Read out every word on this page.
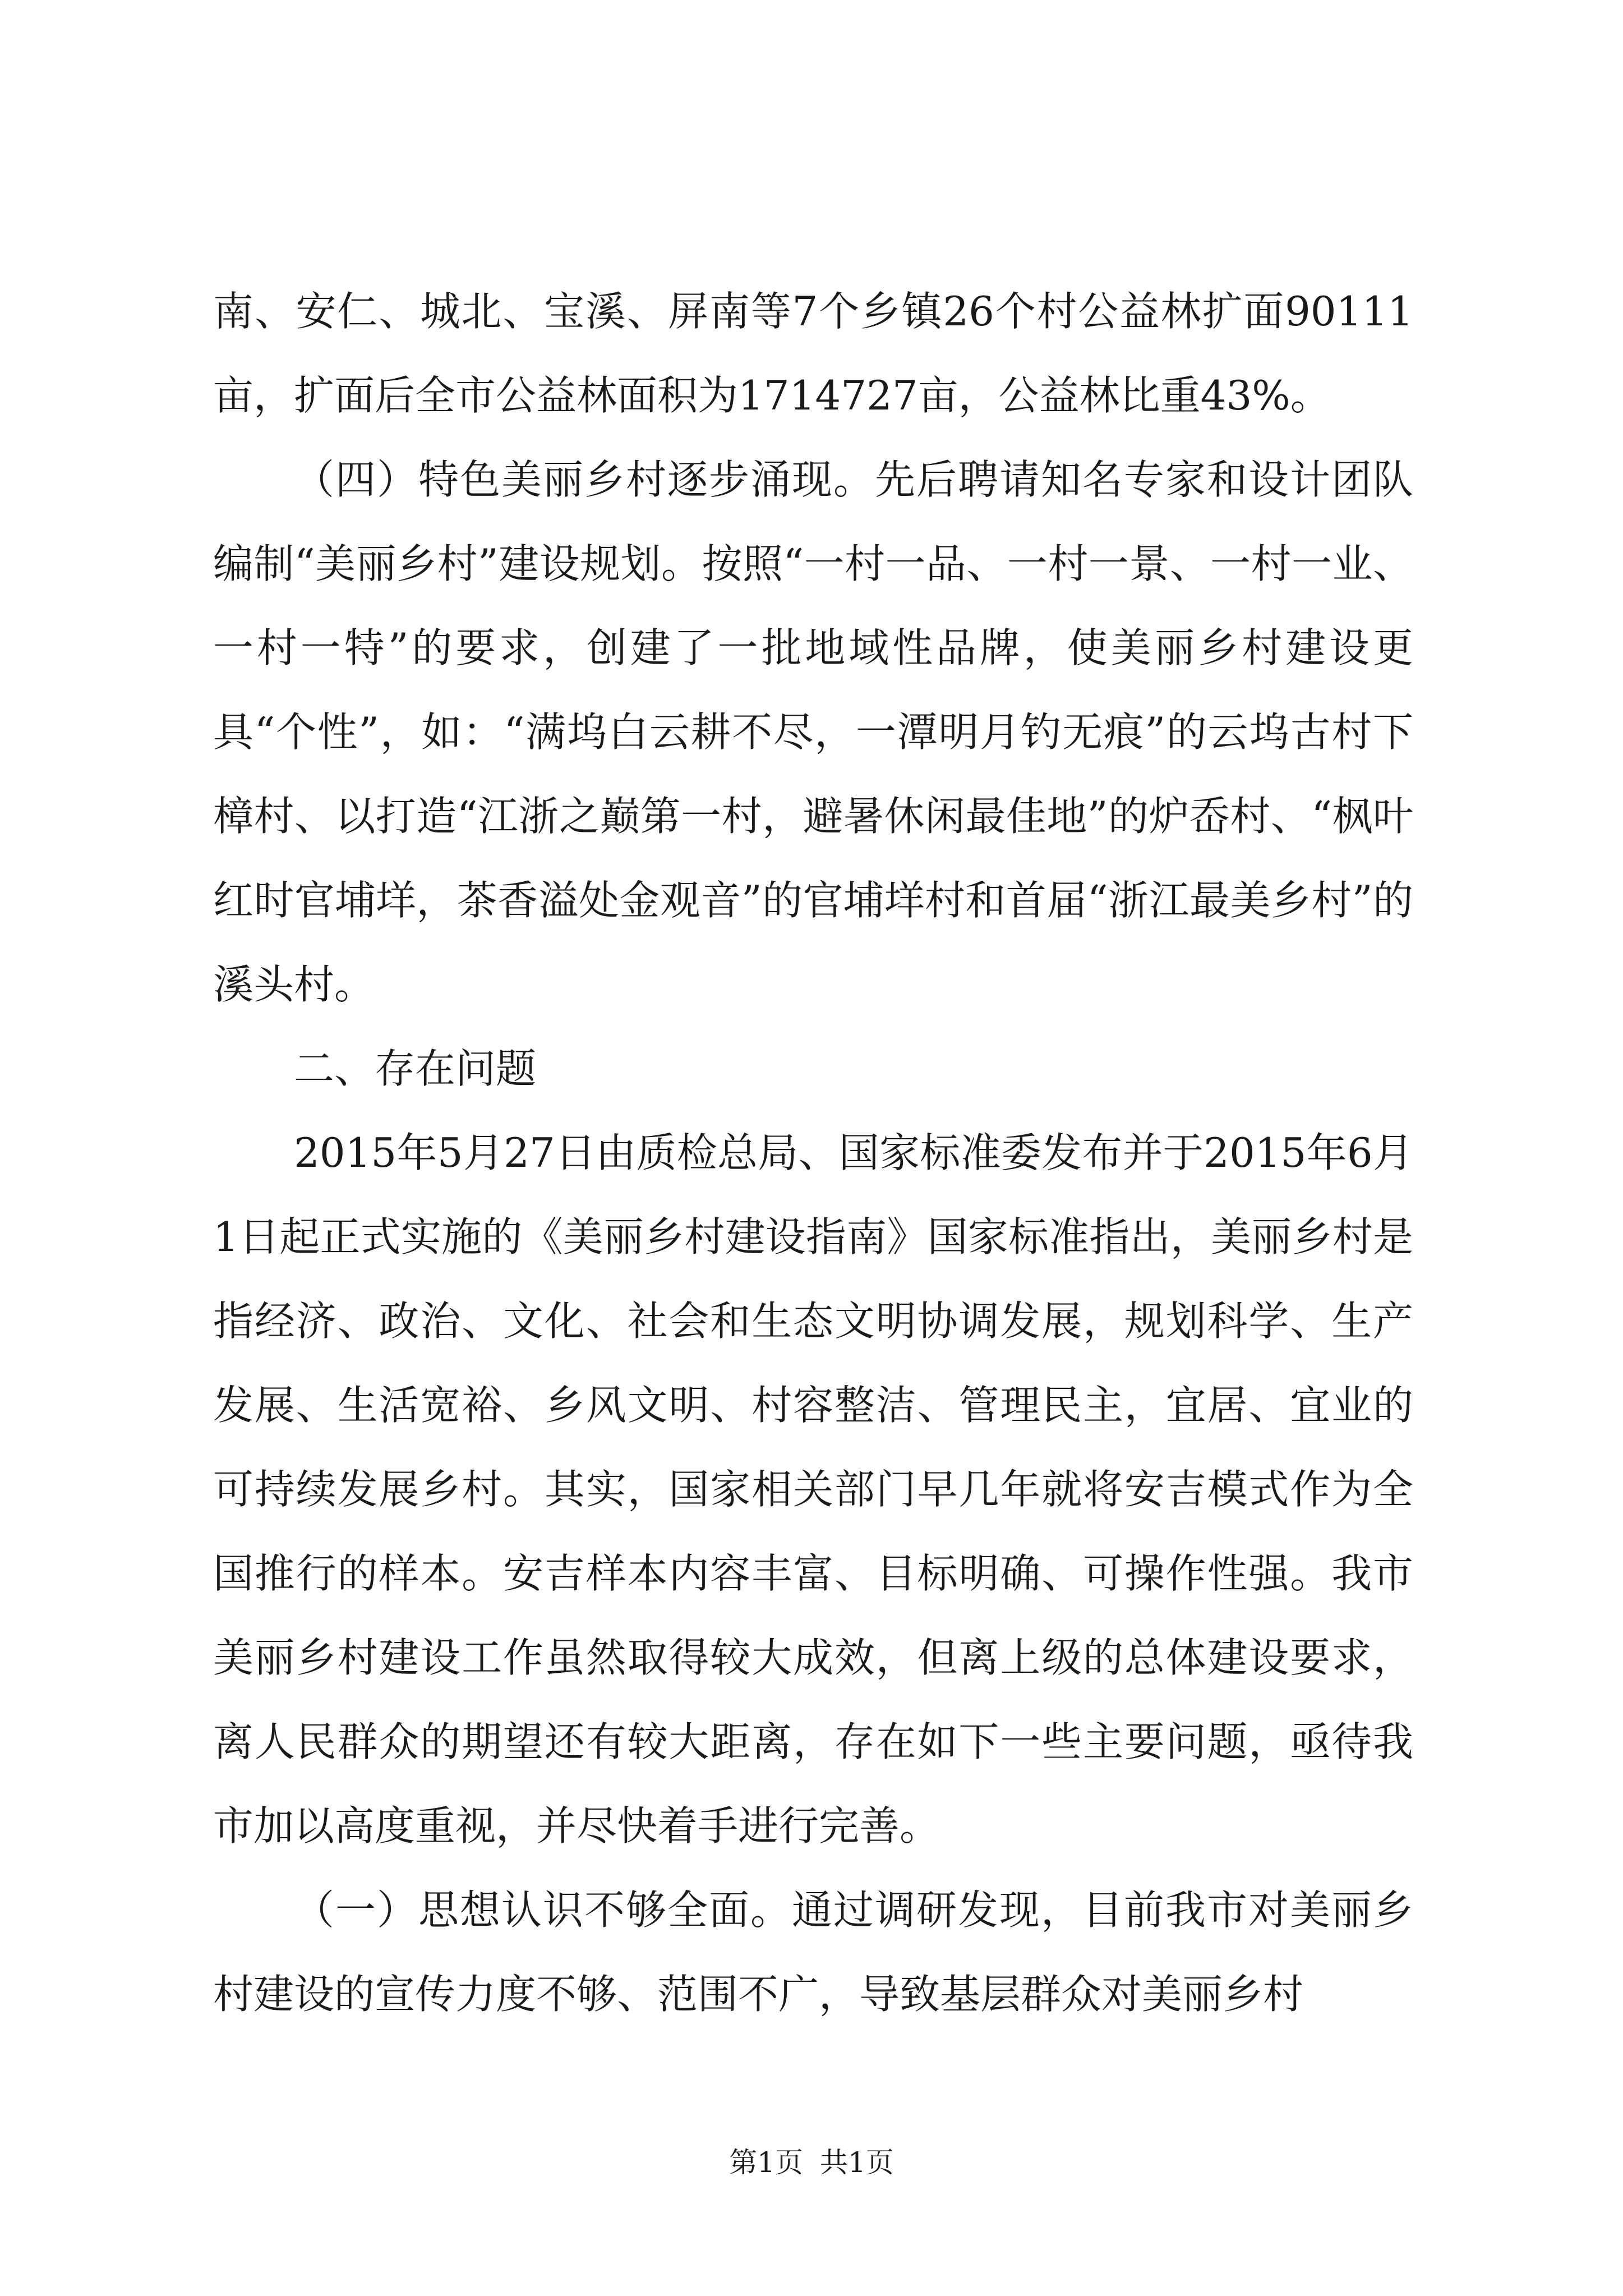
南、安仁、城北、宝溪、屏南等7个乡镇26个村公益林扩面90111亩，扩面后全市公益林面积为1714727亩，公益林比重43%。

（四）特色美丽乡村逐步涌现。先后聘请知名专家和设计团队编制“美丽乡村”建设规划。按照“一村一品、一村一景、一村一业、一村一特”的要求，创建了一批地域性品牌，使美丽乡村建设更具“个性”，如：“满坞白云耕不尽，一潭明月钓无痕”的云坞古村下樟村、以打造“江浙之巅第一村，避暑休闲最佳地”的炉岙村、“枫叶红时官埔垟，茶香溢处金观音”的官埔垟村和首届“浙江最美乡村”的溪头村。

二、存在问题

2015年5月27日由质检总局、国家标准委发布并于2015年6月1日起正式实施的《美丽乡村建设指南》国家标准指出，美丽乡村是指经济、政治、文化、社会和生态文明协调发展，规划科学、生产发展、生活宽裕、乡风文明、村容整洁、管理民主，宜居、宜业的可持续发展乡村。其实，国家相关部门早几年就将安吉模式作为全国推行的样本。安吉样本内容丰富、目标明确、可操作性强。我市美丽乡村建设工作虽然取得较大成效，但离上级的总体建设要求，离人民群众的期望还有较大距离，存在如下一些主要问题，亟待我市加以高度重视，并尽快着手进行完善。

（一）思想认识不够全面。通过调研发现，目前我市对美丽乡村建设的宣传力度不够、范围不广，导致基层群众对美丽乡村

第1页 共1页
